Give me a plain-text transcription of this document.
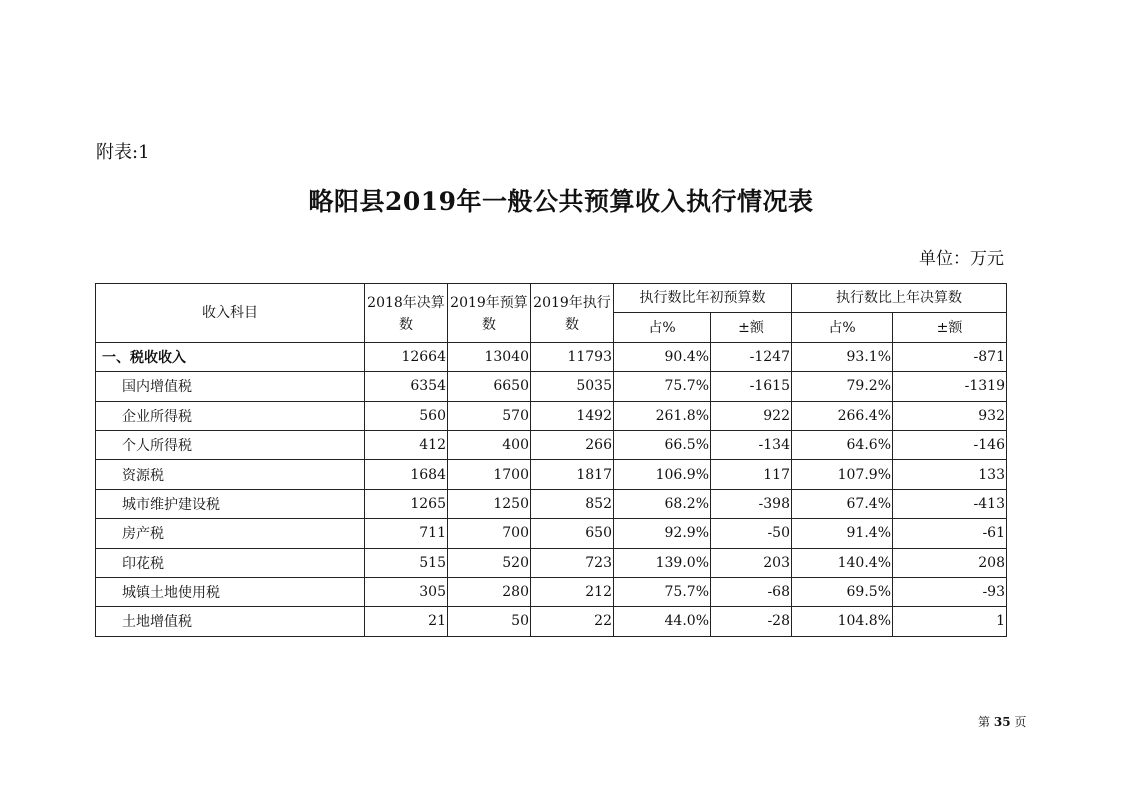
附表:1
略阳县2019年一般公共预算收入执行情况表
单位：万元
收入科目	2018年决算数	2019年预算数	2019年执行数	执行数比年初预算数		执行数比上年决算数	
				占%	±额	占%	±额
一、税收收入	12664	13040	11793	90.4%	-1247	93.1%	-871
国内增值税	6354	6650	5035	75.7%	-1615	79.2%	-1319
企业所得税	560	570	1492	261.8%	922	266.4%	932
个人所得税	412	400	266	66.5%	-134	64.6%	-146
资源税	1684	1700	1817	106.9%	117	107.9%	133
城市维护建设税	1265	1250	852	68.2%	-398	67.4%	-413
房产税	711	700	650	92.9%	-50	91.4%	-61
印花税	515	520	723	139.0%	203	140.4%	208
城镇土地使用税	305	280	212	75.7%	-68	69.5%	-93
土地增值税	21	50	22	44.0%	-28	104.8%	1
第 35 页
